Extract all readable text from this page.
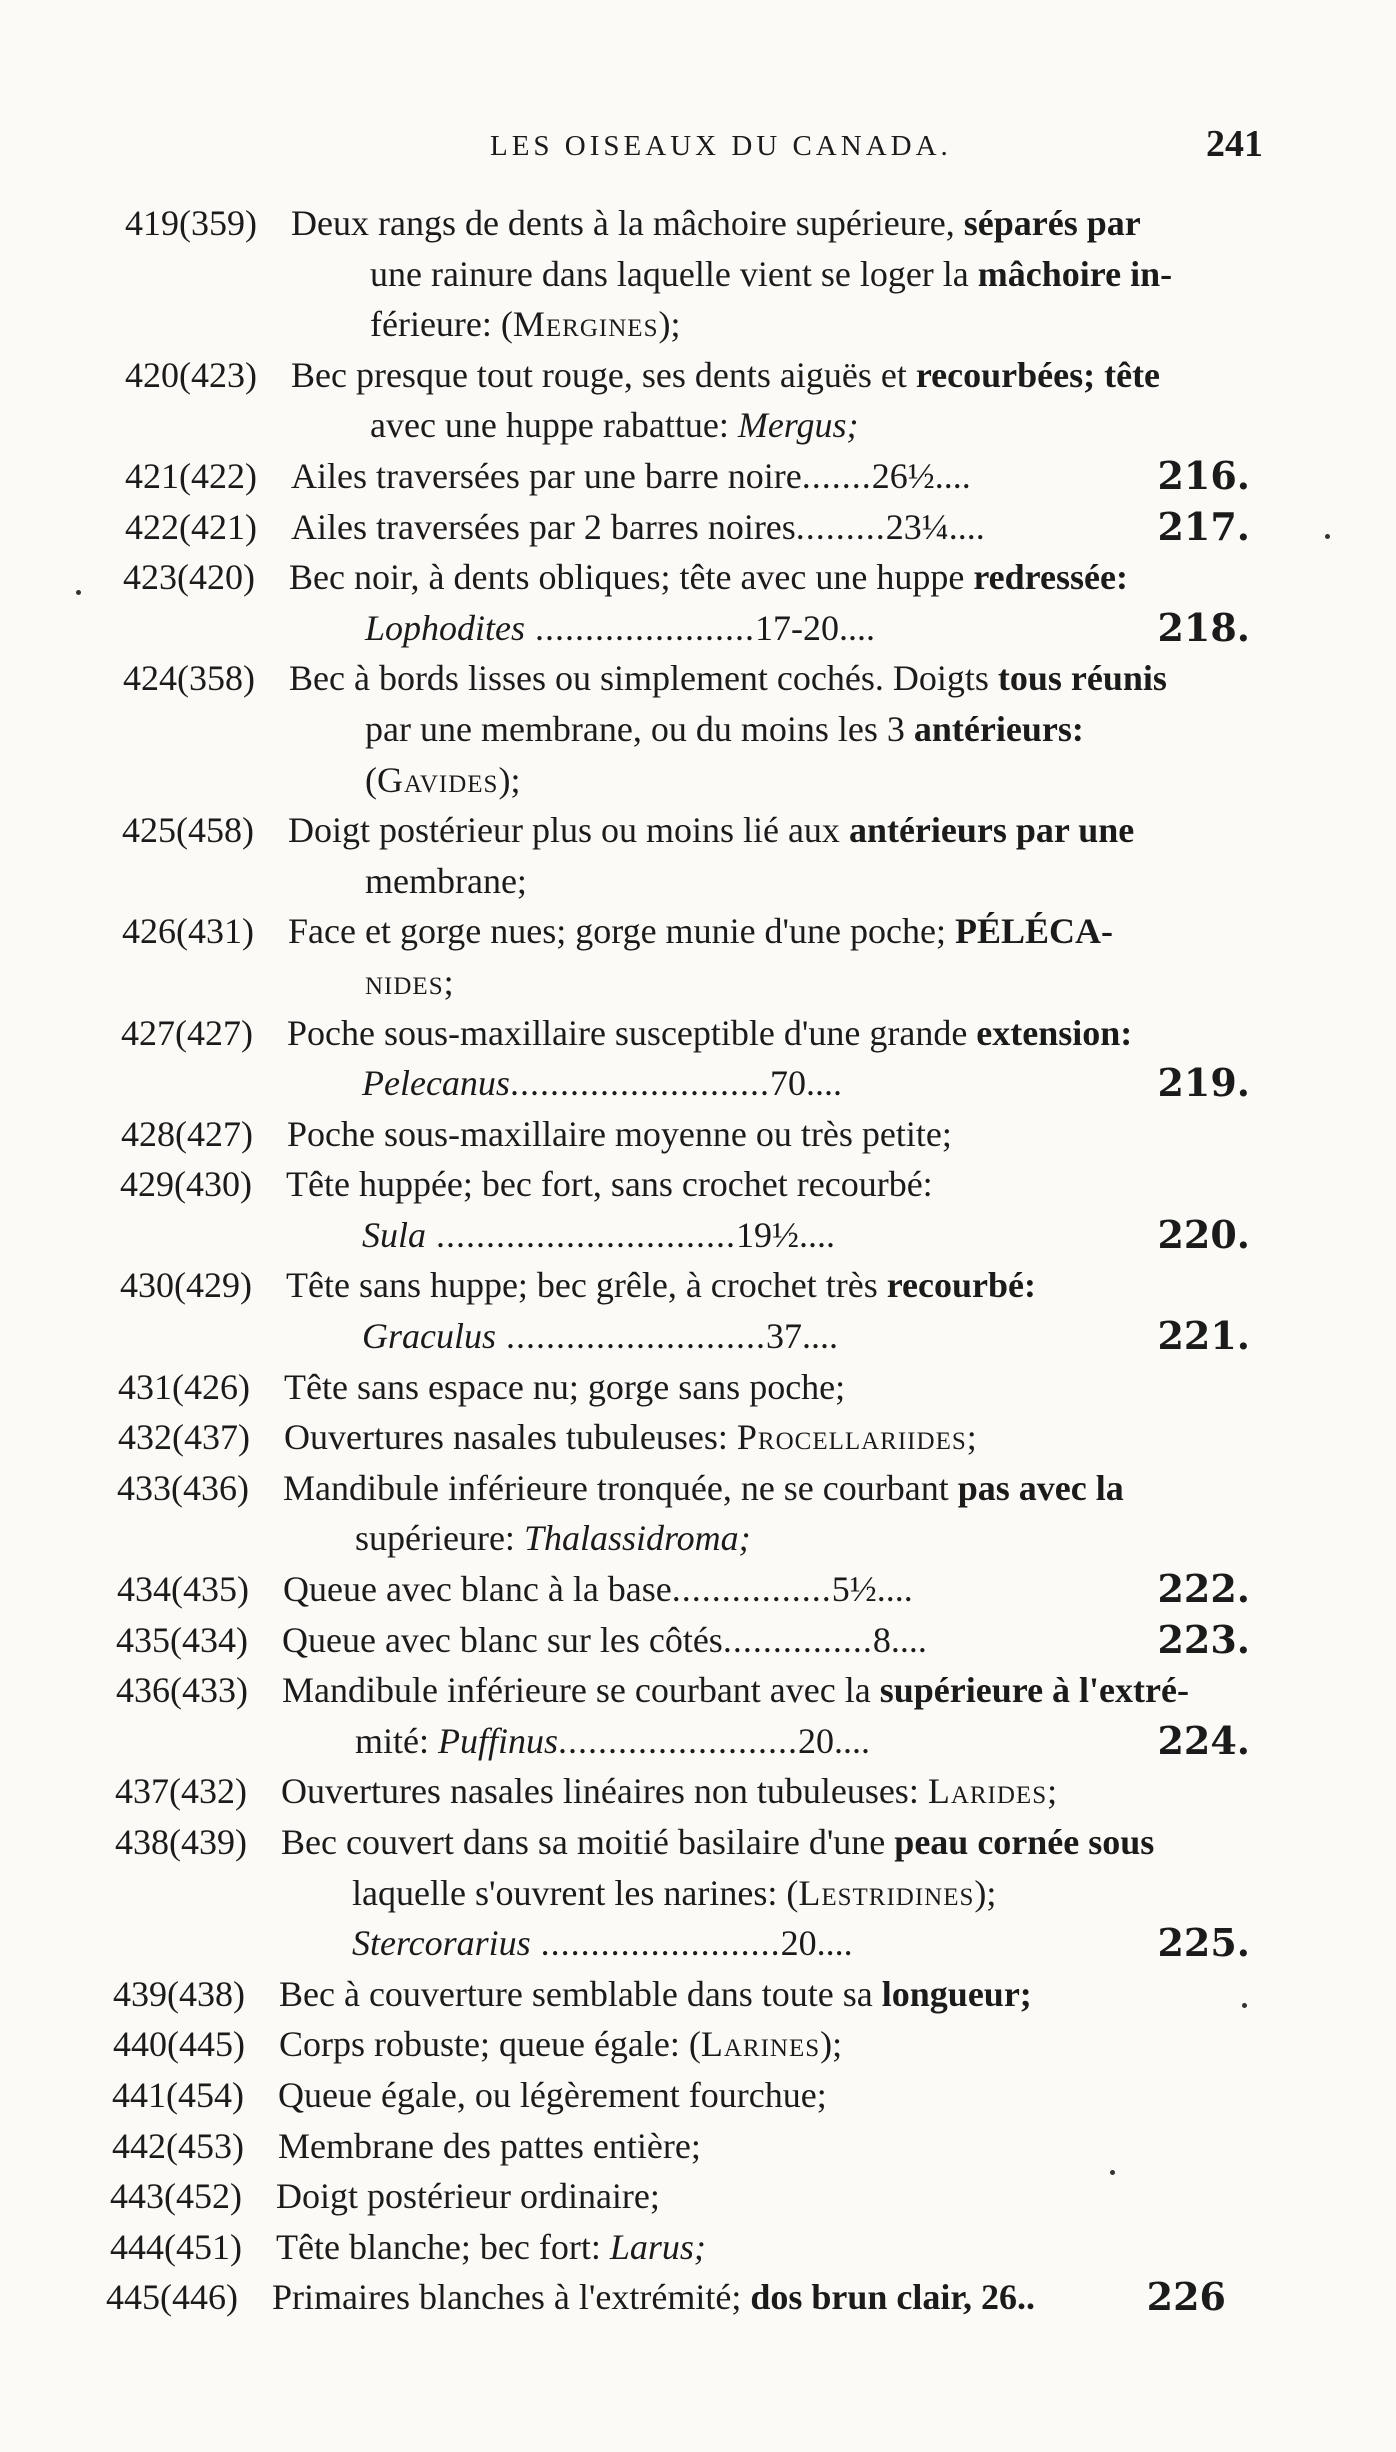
LES OISEAUX DU CANADA.	241
419(359) Deux rangs de dents à la mâchoire supérieure, séparés par
une rainure dans laquelle vient se loger la mâchoire in-
férieure: (Mergines);
420(423) Bec presque tout rouge, ses dents aiguës et recourbées; tête
avec une huppe rabattue: Mergus;
421(422) Ailes traversées par une barre noire.......26½....	216.
422(421) Ailes traversées par 2 barres noires.........23¼....	217.
423(420) Bec noir, à dents obliques; tête avec une huppe redressée:
Lophodites ......................17-20....	218.
424(358) Bec à bords lisses ou simplement cochés. Doigts tous réunis
par une membrane, ou du moins les 3 antérieurs:
(Gavides);
425(458) Doigt postérieur plus ou moins lié aux antérieurs par une
membrane;
426(431) Face et gorge nues; gorge munie d'une poche; PÉLÉCA-
nides;
427(427) Poche sous-maxillaire susceptible d'une grande extension:
Pelecanus..........................70....	219.
428(427) Poche sous-maxillaire moyenne ou très petite;
429(430) Tête huppée; bec fort, sans crochet recourbé:
Sula ..............................19½....	220.
430(429) Tête sans huppe; bec grêle, à crochet très recourbé:
Graculus ..........................37....	221.
431(426) Tête sans espace nu; gorge sans poche;
432(437) Ouvertures nasales tubuleuses: Procellariides;
433(436) Mandibule inférieure tronquée, ne se courbant pas avec la
supérieure: Thalassidroma;
434(435) Queue avec blanc à la base................5½....	222.
435(434) Queue avec blanc sur les côtés...............8....	223.
436(433) Mandibule inférieure se courbant avec la supérieure à l'extré-
mité: Puffinus........................20....	224.
437(432) Ouvertures nasales linéaires non tubuleuses: Larides;
438(439) Bec couvert dans sa moitié basilaire d'une peau cornée sous
laquelle s'ouvrent les narines: (Lestridines);
Stercorarius ........................20....	225.
439(438) Bec à couverture semblable dans toute sa longueur;
440(445) Corps robuste; queue égale: (Larines);
441(454) Queue égale, ou légèrement fourchue;
442(453) Membrane des pattes entière;
443(452) Doigt postérieur ordinaire;
444(451) Tête blanche; bec fort: Larus;
445(446) Primaires blanches à l'extrémité; dos brun clair, 26..	226
